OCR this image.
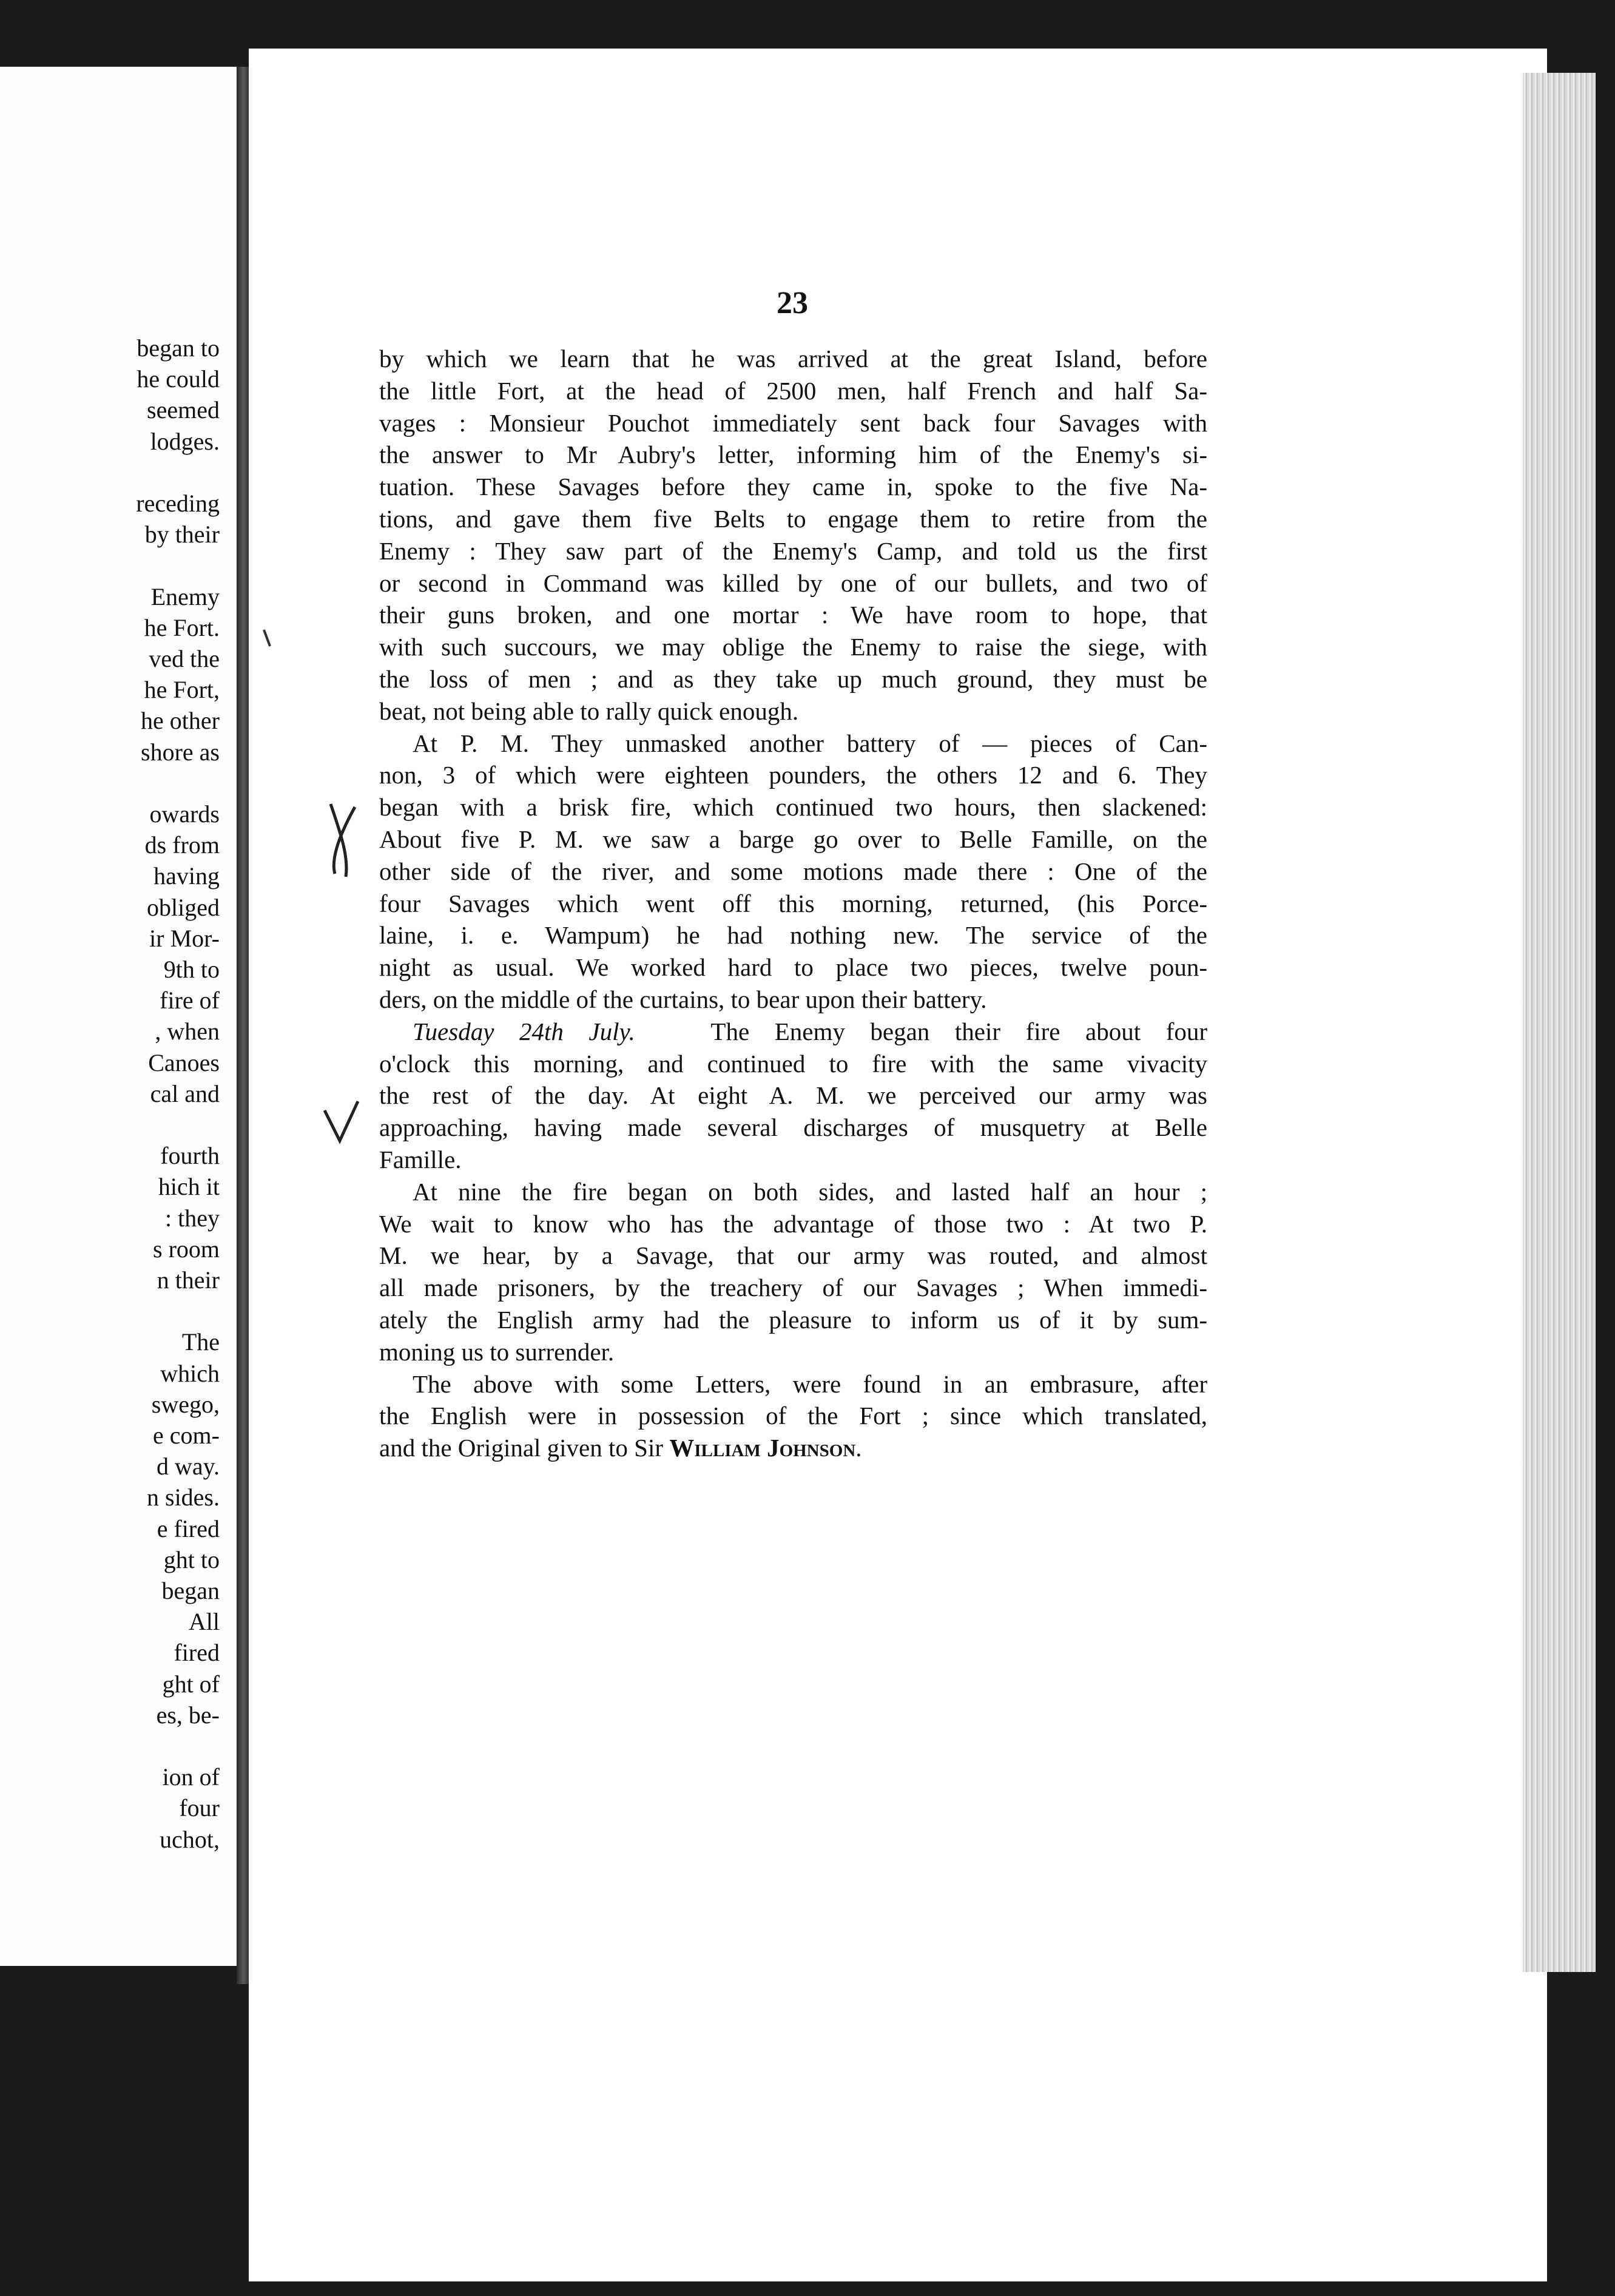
began to
he could
seemed
lodges.
receding
by their
Enemy
he Fort.
ved the
he Fort,
he other
shore as
owards
ds from
having
obliged
ir Mor-
9th to
fire of
, when
Canoes
cal and
fourth
hich it
: they
s room
n their
The
which
swego,
e com-
d way.
n sides.
e fired
ght to
began
All
fired
ght of
es, be-
ion of
four
uchot,
23
by which we learn that he was arrived at the great Island, before
the little Fort, at the head of 2500 men, half French and half Sa-
vages : Monsieur Pouchot immediately sent back four Savages with
the answer to Mr Aubry's letter, informing him of the Enemy's si-
tuation. These Savages before they came in, spoke to the five Na-
tions, and gave them five Belts to engage them to retire from the
Enemy : They saw part of the Enemy's Camp, and told us the first
or second in Command was killed by one of our bullets, and two of
their guns broken, and one mortar : We have room to hope, that
with such succours, we may oblige the Enemy to raise the siege, with
the loss of men ; and as they take up much ground, they must be
beat, not being able to rally quick enough.
At P. M. They unmasked another battery of — pieces of Can-
non, 3 of which were eighteen pounders, the others 12 and 6. They
began with a brisk fire, which continued two hours, then slackened:
About five P. M. we saw a barge go over to Belle Famille, on the
other side of the river, and some motions made there : One of the
four Savages which went off this morning, returned, (his Porce-
laine, i. e. Wampum) he had nothing new. The service of the
night as usual. We worked hard to place two pieces, twelve poun-
ders, on the middle of the curtains, to bear upon their battery.
Tuesday 24th July.	The Enemy began their fire about four
o'clock this morning, and continued to fire with the same vivacity
the rest of the day. At eight A. M. we perceived our army was
approaching, having made several discharges of musquetry at Belle
Famille.
At nine the fire began on both sides, and lasted half an hour ;
We wait to know who has the advantage of those two : At two P.
M. we hear, by a Savage, that our army was routed, and almost
all made prisoners, by the treachery of our Savages ; When immedi-
ately the English army had the pleasure to inform us of it by sum-
moning us to surrender.
The above with some Letters, were found in an embrasure, after
the English were in possession of the Fort ; since which translated,
and the Original given to Sir William Johnson.
